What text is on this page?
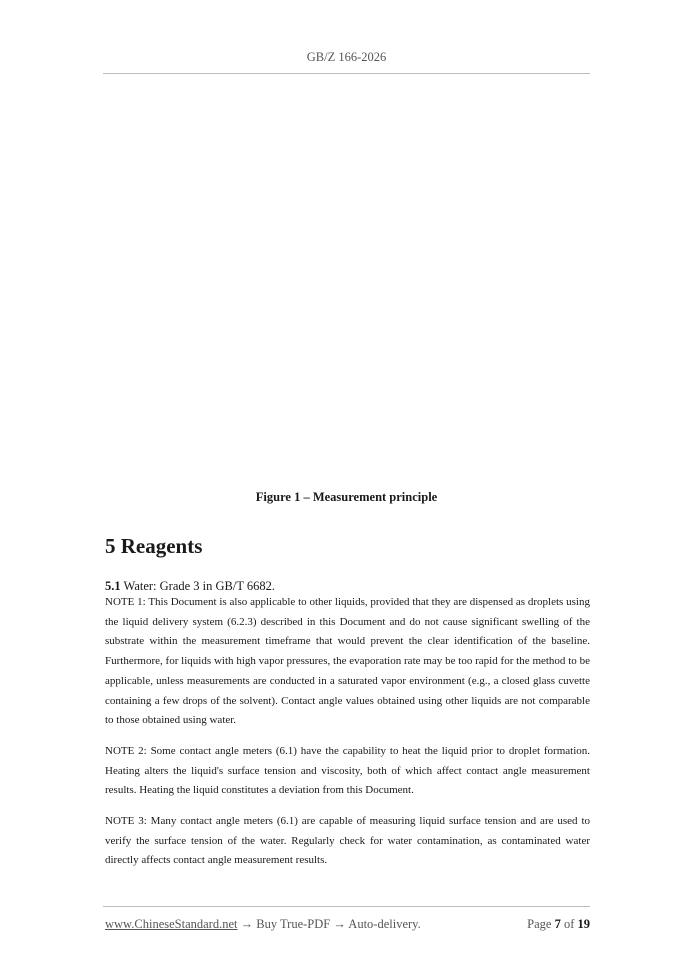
GB/Z 166-2026
Figure 1 – Measurement principle
5 Reagents
5.1 Water: Grade 3 in GB/T 6682.

NOTE 1: This Document is also applicable to other liquids, provided that they are dispensed as droplets using the liquid delivery system (6.2.3) described in this Document and do not cause significant swelling of the substrate within the measurement timeframe that would prevent the clear identification of the baseline. Furthermore, for liquids with high vapor pressures, the evaporation rate may be too rapid for the method to be applicable, unless measurements are conducted in a saturated vapor environment (e.g., a closed glass cuvette containing a few drops of the solvent). Contact angle values obtained using other liquids are not comparable to those obtained using water.

NOTE 2: Some contact angle meters (6.1) have the capability to heat the liquid prior to droplet formation. Heating alters the liquid's surface tension and viscosity, both of which affect contact angle measurement results. Heating the liquid constitutes a deviation from this Document.

NOTE 3: Many contact angle meters (6.1) are capable of measuring liquid surface tension and are used to verify the surface tension of the water. Regularly check for water contamination, as contaminated water directly affects contact angle measurement results.

www.ChineseStandard.net → Buy True-PDF → Auto-delivery.	Page 7 of 19
